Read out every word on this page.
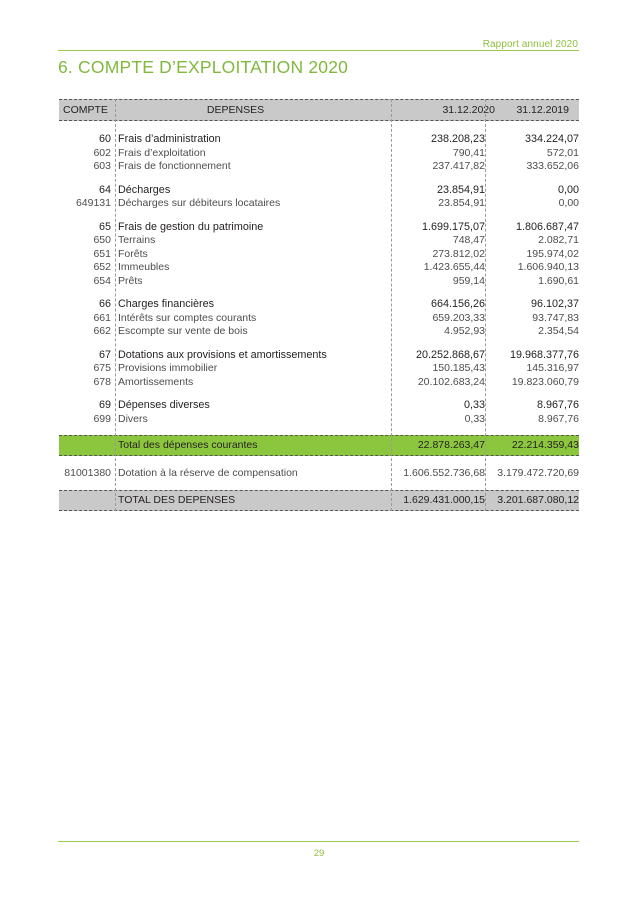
Rapport annuel 2020
6. COMPTE D’EXPLOITATION 2020
COMPTE	DEPENSES	31.12.2020 31.12.2019
60 Frais d’administration	238.208,23	334.224,07
602 Frais d’exploitation	790,41	572,01
603 Frais de fonctionnement	237.417,82	333.652,06
64 Décharges	23.854,91	0,00
649131 Décharges sur débiteurs locataires	23.854,91	0,00
65 Frais de gestion du patrimoine	1.699.175,07	1.806.687,47
650 Terrains	748,47	2.082,71
651 Forêts	273.812,02	195.974,02
652 Immeubles	1.423.655,44	1.606.940,13
654 Prêts	959,14	1.690,61
66 Charges financières	664.156,26	96.102,37
661 Intérêts sur comptes courants	659.203,33	93.747,83
662 Escompte sur vente de bois	4.952,93	2.354,54
67 Dotations aux provisions et amortissements	20.252.868,67 19.968.377,76
675 Provisions immobilier	150.185,43	145.316,97
678 Amortissements	20.102.683,24	19.823.060,79
69 Dépenses diverses	0,33	8.967,76
699 Divers	0,33	8.967,76
Total des dépenses courantes	22.878.263,47	22.214.359,43
81001380 Dotation à la réserve de compensation	1.606.552.736,68 3.179.472.720,69
TOTAL DES DEPENSES	1.629.431.000,15 3.201.687.080,12
29
